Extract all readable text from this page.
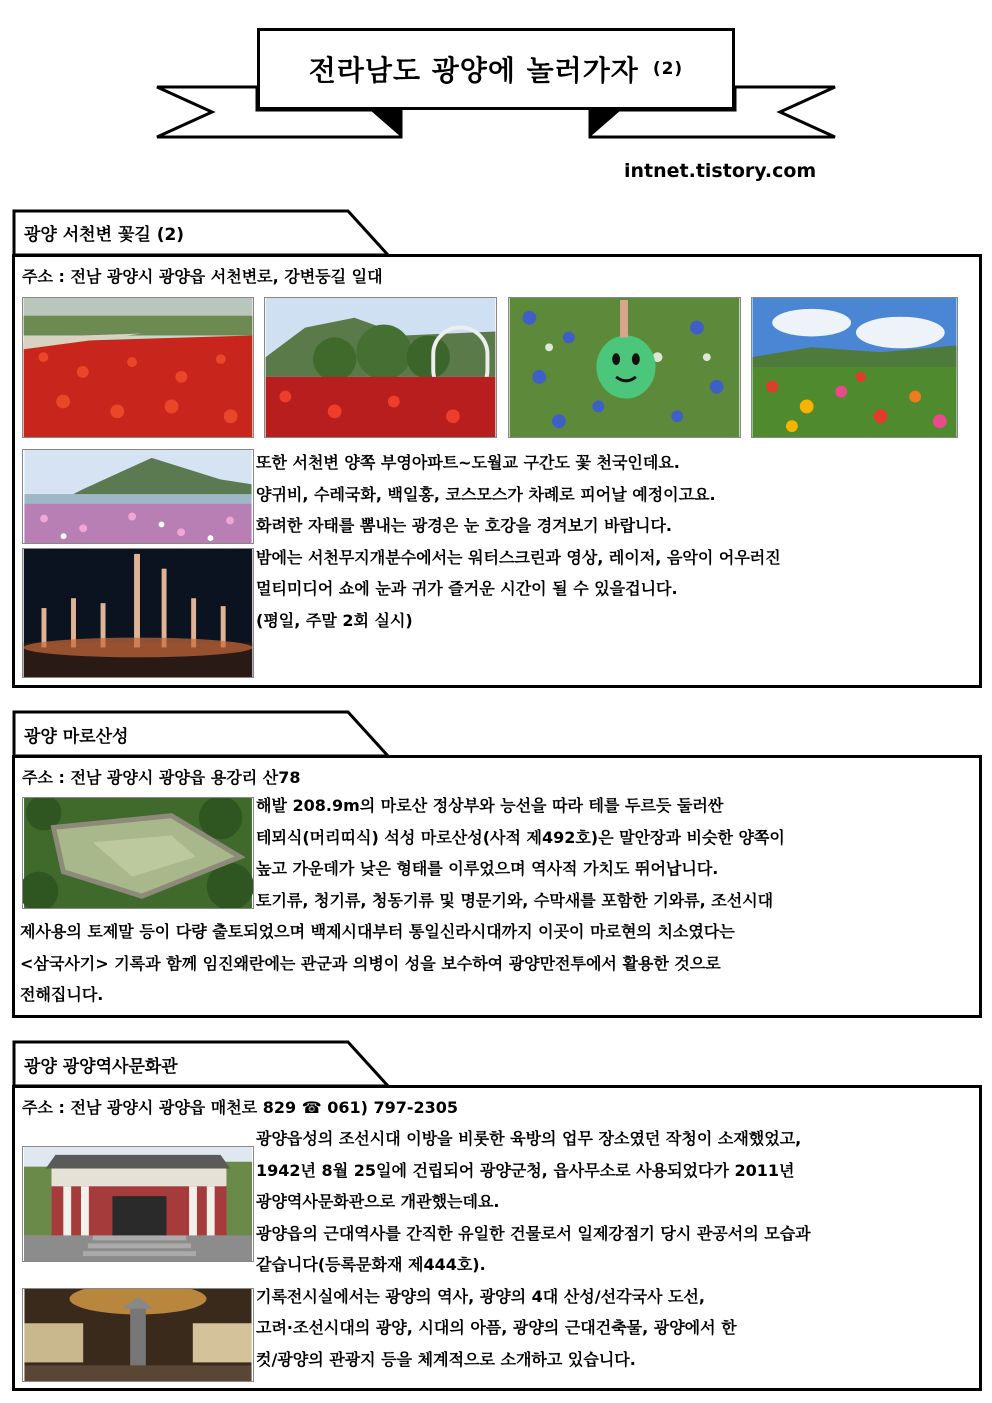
전라남도 광양에 놀러가자 (2)
intnet.tistory.com
광양 서천변 꽃길 (2)
주소 : 전남 광양시 광양읍 서천변로, 강변둥길 일대
또한 서천변 양쪽 부영아파트~도월교 구간도 꽃 천국인데요.
양귀비, 수레국화, 백일홍, 코스모스가 차례로 피어날 예정이고요.
화려한 자태를 뽐내는 광경은 눈 호강을 경겨보기 바랍니다.
밤에는 서천무지개분수에서는 워터스크린과 영상, 레이저, 음악이 어우러진
멀티미디어 쇼에 눈과 귀가 즐거운 시간이 될 수 있을겁니다.
(평일, 주말 2회 실시)
광양 마로산성
주소 : 전남 광양시 광양읍 용강리 산78
해발 208.9m의 마로산 정상부와 능선을 따라 테를 두르듯 둘러싼
테뫼식(머리띠식) 석성 마로산성(사적 제492호)은 말안장과 비슷한 양쪽이
높고 가운데가 낮은 형태를 이루었으며 역사적 가치도 뛰어납니다.
토기류, 청기류, 청동기류 및 명문기와, 수막새를 포함한 기와류, 조선시대
제사용의 토제말 등이 다량 출토되었으며 백제시대부터 통일신라시대까지 이곳이 마로현의 치소였다는
<삼국사기> 기록과 함께 임진왜란에는 관군과 의병이 성을 보수하여 광양만전투에서 활용한 것으로
전해집니다.
광양 광양역사문화관
주소 : 전남 광양시 광양읍 매천로 829 ☎ 061) 797-2305
광양읍성의 조선시대 이방을 비롯한 육방의 업무 장소였던 작청이 소재했었고,
1942년 8월 25일에 건립되어 광양군청, 읍사무소로 사용되었다가 2011년
광양역사문화관으로 개관했는데요.
광양읍의 근대역사를 간직한 유일한 건물로서 일제강점기 당시 관공서의 모습과
같습니다(등록문화재 제444호).
기록전시실에서는 광양의 역사, 광양의 4대 산성/선각국사 도선,
고려·조선시대의 광양, 시대의 아픔, 광양의 근대건축물, 광양에서 한
컷/광양의 관광지 등을 체계적으로 소개하고 있습니다.
